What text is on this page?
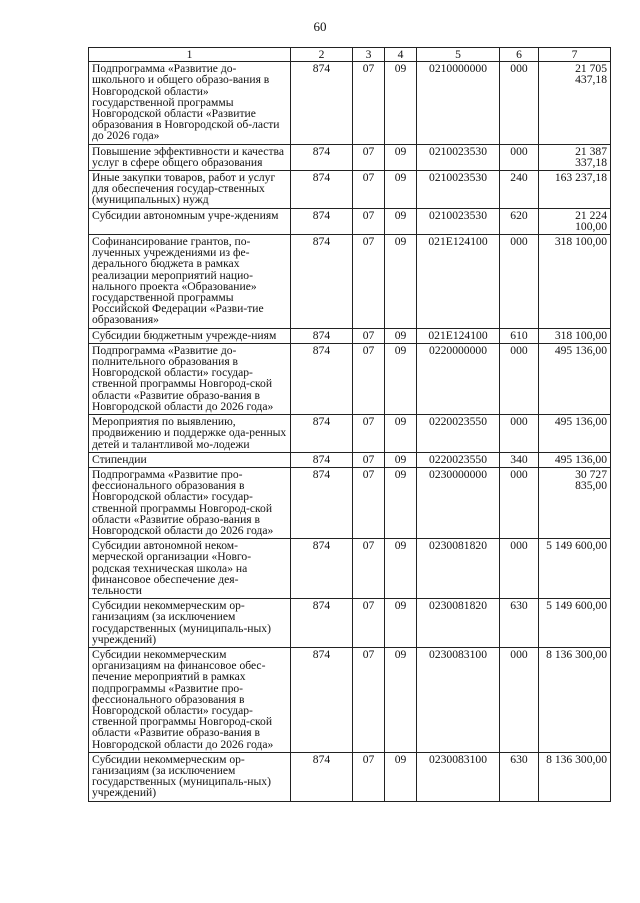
60
1	2	3	4	5	6	7
Подпрограмма «Развитие до-школьного и общего образо-вания в Новгородской области» государственной программы Новгородской области «Развитие образования в Новгородской об-ласти до 2026 года»	874	07	09	0210000000	000	21 705 437,18
Повышение эффективности и качества услуг в сфере общего образования	874	07	09	0210023530	000	21 387 337,18
Иные закупки товаров, работ и услуг для обеспечения государ-ственных (муниципальных) нужд	874	07	09	0210023530	240	163 237,18
Субсидии автономным учре-ждениям	874	07	09	0210023530	620	21 224 100,00
Софинансирование грантов, по-лученных учреждениями из фе-дерального бюджета в рамках реализации мероприятий нацио-нального проекта «Образование» государственной программы Российской Федерации «Разви-тие образования»	874	07	09	021E124100	000	318 100,00
Субсидии бюджетным учрежде-ниям	874	07	09	021E124100	610	318 100,00
Подпрограмма «Развитие до-полнительного образования в Новгородской области» государ-ственной программы Новгород-ской области «Развитие образо-вания в Новгородской области до 2026 года»	874	07	09	0220000000	000	495 136,00
Мероприятия по выявлению, продвижению и поддержке ода-ренных детей и талантливой мо-лодежи	874	07	09	0220023550	000	495 136,00
Стипендии	874	07	09	0220023550	340	495 136,00
Подпрограмма «Развитие про-фессионального образования в Новгородской области» государ-ственной программы Новгород-ской области «Развитие образо-вания в Новгородской области до 2026 года»	874	07	09	0230000000	000	30 727 835,00
Субсидии автономной неком-мерческой организации «Новго-родская техническая школа» на финансовое обеспечение дея-тельности	874	07	09	0230081820	000	5 149 600,00
Субсидии некоммерческим ор-ганизациям (за исключением государственных (муниципаль-ных) учреждений)	874	07	09	0230081820	630	5 149 600,00
Субсидии некоммерческим организациям на финансовое обес-печение мероприятий в рамках подпрограммы «Развитие про-фессионального образования в Новгородской области» государ-ственной программы Новгород-ской области «Развитие образо-вания в Новгородской области до 2026 года»	874	07	09	0230083100	000	8 136 300,00
Субсидии некоммерческим ор-ганизациям (за исключением государственных (муниципаль-ных) учреждений)	874	07	09	0230083100	630	8 136 300,00
